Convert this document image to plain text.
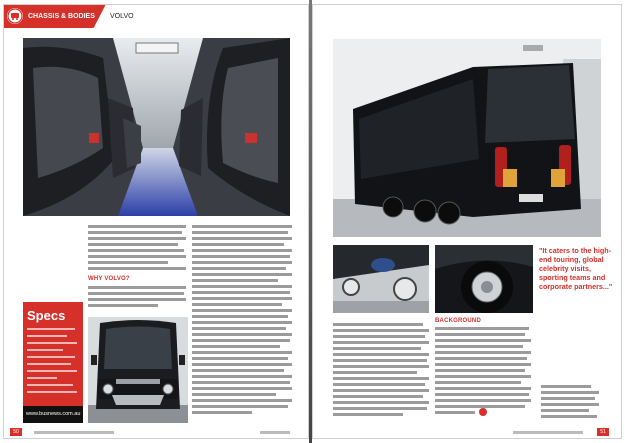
CHASSIS & BODIES VOLVO
WHY VOLVO?
Specs
www.busnews.com.au
50
"It caters to the high-end touring, global celebrity visits, sporting teams and corporate partners..."
BACKGROUND
51
